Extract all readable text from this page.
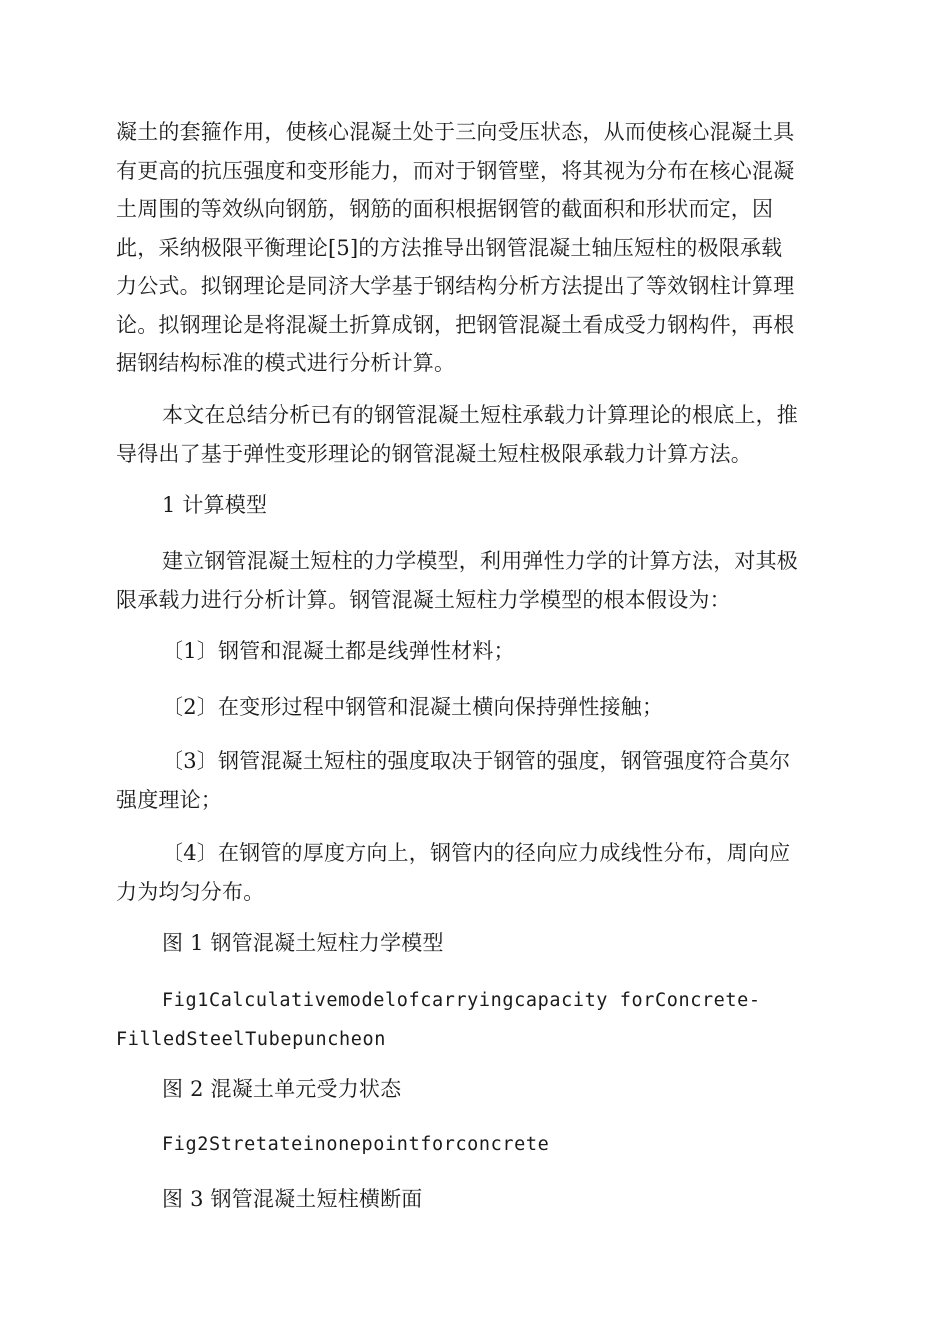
凝土的套箍作用，使核心混凝土处于三向受压状态，从而使核心混凝土具
有更高的抗压强度和变形能力，而对于钢管壁，将其视为分布在核心混凝
土周围的等效纵向钢筋，钢筋的面积根据钢管的截面积和形状而定，因
此，采纳极限平衡理论[5]的方法推导出钢管混凝土轴压短柱的极限承载
力公式。拟钢理论是同济大学基于钢结构分析方法提出了等效钢柱计算理
论。拟钢理论是将混凝土折算成钢，把钢管混凝土看成受力钢构件，再根
据钢结构标准的模式进行分析计算。
本文在总结分析已有的钢管混凝土短柱承载力计算理论的根底上，推
导得出了基于弹性变形理论的钢管混凝土短柱极限承载力计算方法。
1 计算模型
建立钢管混凝土短柱的力学模型，利用弹性力学的计算方法，对其极
限承载力进行分析计算。钢管混凝土短柱力学模型的根本假设为：
〔1〕钢管和混凝土都是线弹性材料；
〔2〕在变形过程中钢管和混凝土横向保持弹性接触；
〔3〕钢管混凝土短柱的强度取决于钢管的强度，钢管强度符合莫尔
强度理论；
〔4〕在钢管的厚度方向上，钢管内的径向应力成线性分布，周向应
力为均匀分布。
图 1 钢管混凝土短柱力学模型
Fig1Calculativemodelofcarryingcapacity forConcrete-
FilledSteelTubepuncheon
图 2 混凝土单元受力状态
Fig2Stretateinonepointforconcrete
图 3 钢管混凝土短柱横断面
